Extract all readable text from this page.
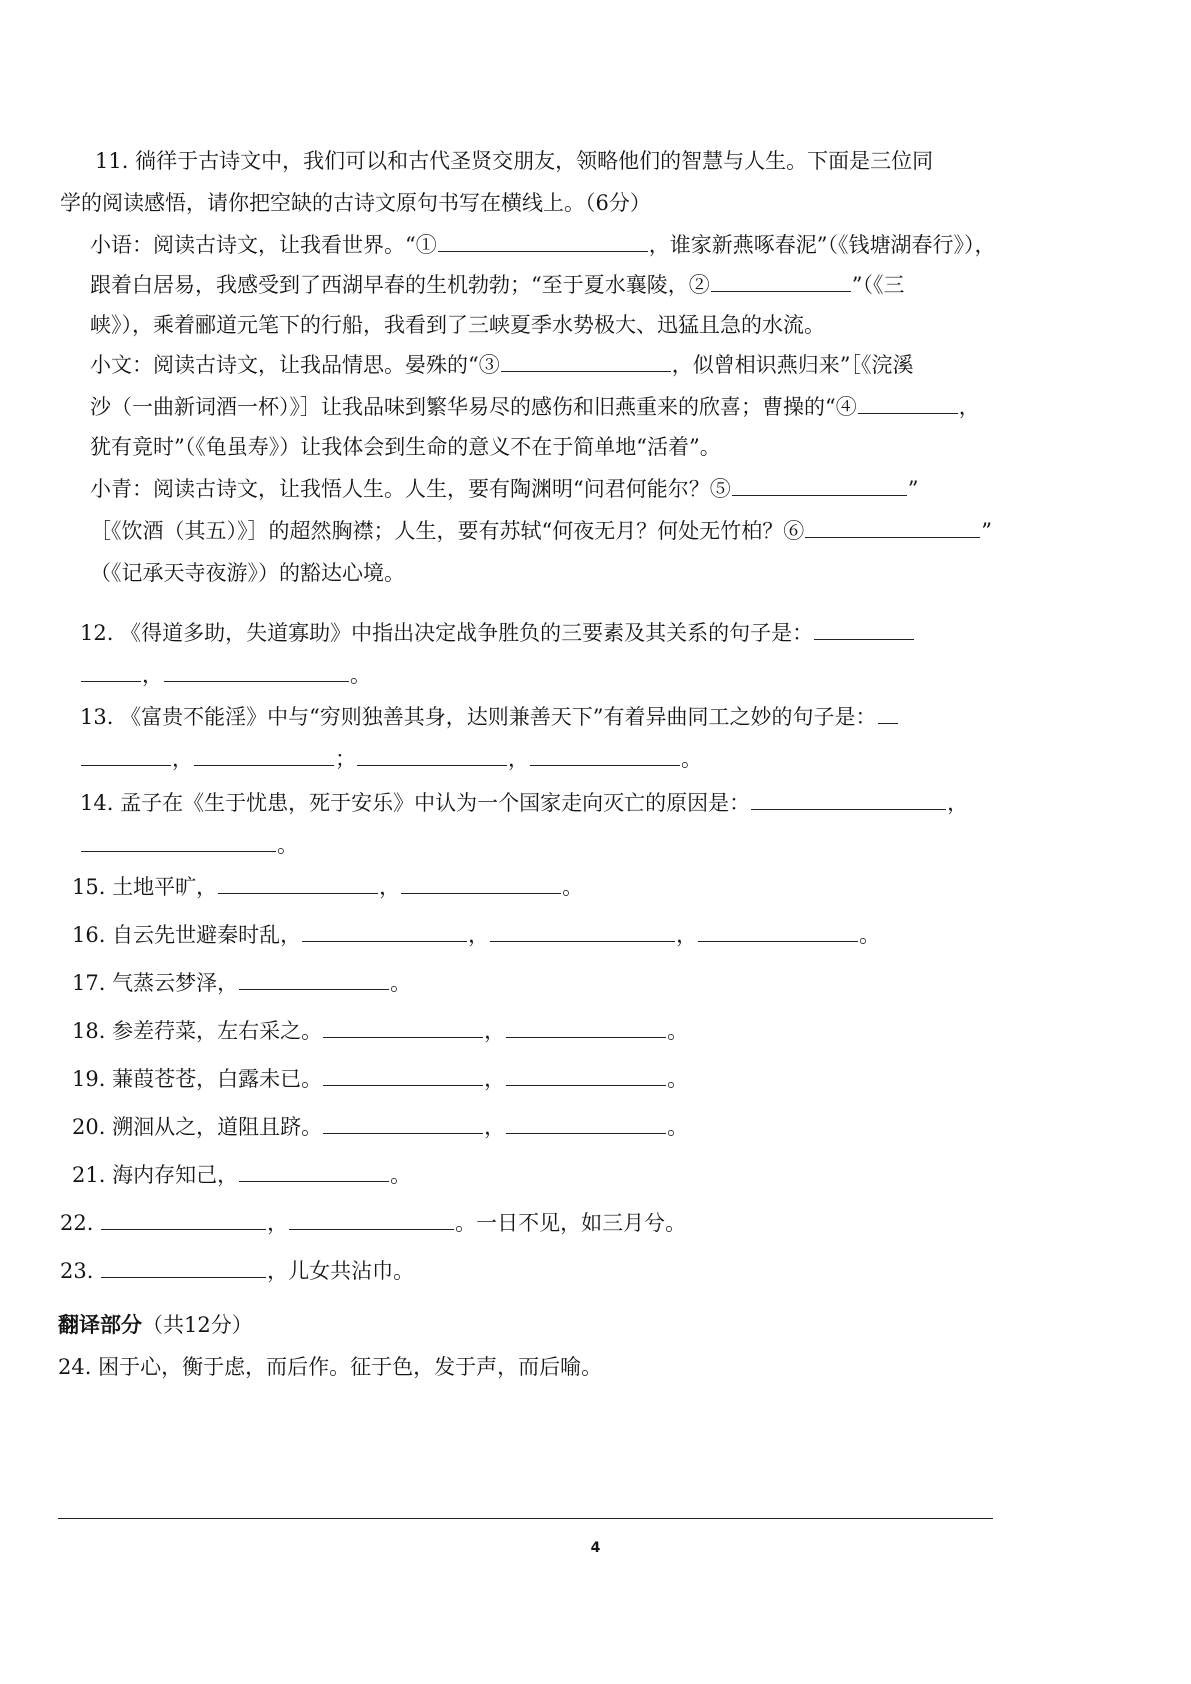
11. 徜徉于古诗文中，我们可以和古代圣贤交朋友，领略他们的智慧与人生。下面是三位同
学的阅读感悟，请你把空缺的古诗文原句书写在横线上。（6分）
小语：阅读古诗文，让我看世界。“①	，谁家新燕啄春泥”（《钱塘湖春行》），
跟着白居易，我感受到了西湖早春的生机勃勃；“至于夏水襄陵，②	”（《三
峡》），乘着郦道元笔下的行船，我看到了三峡夏季水势极大、迅猛且急的水流。
小文：阅读古诗文，让我品情思。晏殊的“③	，似曾相识燕归来”［《浣溪
沙（一曲新词酒一杯）》］让我品味到繁华易尽的感伤和旧燕重来的欣喜；曹操的“④	，
犹有竟时”（《龟虽寿》）让我体会到生命的意义不在于简单地“活着”。
小青：阅读古诗文，让我悟人生。人生，要有陶渊明“问君何能尔？⑤	”
［《饮酒（其五）》］的超然胸襟；人生，要有苏轼“何夜无月？何处无竹柏？⑥	”
（《记承天寺夜游》）的豁达心境。
12. 《得道多助，失道寡助》中指出决定战争胜负的三要素及其关系的句子是：
，	。
13. 《富贵不能淫》中与“穷则独善其身，达则兼善天下”有着异曲同工之妙的句子是：
，	；	，	。
14. 孟子在《生于忧患，死于安乐》中认为一个国家走向灭亡的原因是：	，
。
15. 土地平旷，	，	。
16. 自云先世避秦时乱，	，	，	。
17. 气蒸云梦泽，	。
18. 参差荇菜，左右采之。	，	。
19. 蒹葭苍苍，白露未已。	，	。
20. 溯洄从之，道阻且跻。	，	。
21. 海内存知己，	。
22.	，	。一日不见，如三月兮。
23.	，儿女共沾巾。
翻译部分（共12分）
24. 困于心，衡于虑，而后作。征于色，发于声，而后喻。
4
